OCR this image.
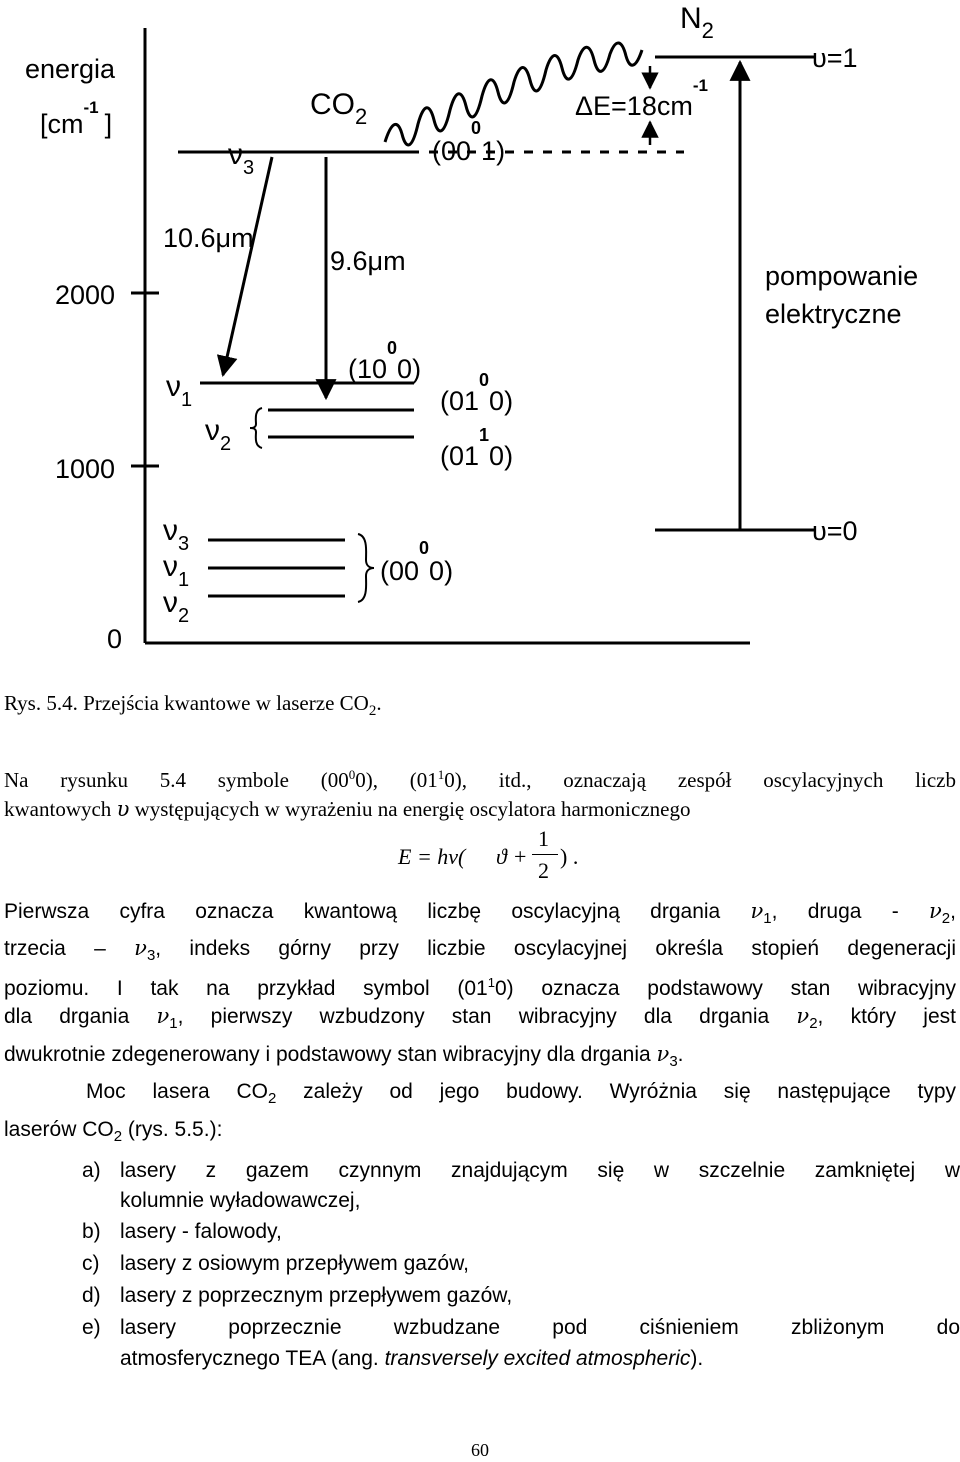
energia
$[cm^{-1}]$
2000
1000
0
$CO_2$
$N_2$
$\nu_3$
$(00^01)$
10.6μm
9.6μm
υ=1
υ=0
pompowanie
elektryczne
$\Delta E=18cm^{-1}$
$\nu_1$
$\nu_2$
$(10^00)$
$(01^00)$
$(01^10)$
$\nu_3$
$\nu_1$
$\nu_2$
$(00^00)$
Rys. 5.4. Przejścia kwantowe w laserze $CO_2$.
Na rysunku 5.4 symbole $(00^00)$, $(01^10)$, itd., oznaczają zespół oscylacyjnych liczb
kwantowych υ występujących w wyrażeniu na energię oscylatora harmonicznego
E = hν( ϑ +
1
2
) .
Pierwsza cyfra oznacza kwantową liczbę oscylacyjną drgania $\nu_1$, druga - $\nu_2$,
trzecia – $\nu_3$, indeks górny przy liczbie oscylacyjnej określa stopień degeneracji
poziomu. I tak na przykład symbol $(01^10)$ oznacza podstawowy stan wibracyjny
dla drgania $\nu_1$, pierwszy wzbudzony stan wibracyjny dla drgania $\nu_2$, który jest
dwukrotnie zdegenerowany i podstawowy stan wibracyjny dla drgania $\nu_3$.
Moc lasera $CO_2$ zależy od jego budowy. Wyróżnia się następujące typy
laserów $CO_2$ (rys. 5.5.):
a) lasery z gazem czynnym znajdującym się w szczelnie zamkniętej w
kolumnie wyładowawczej,
b) lasery - falowody,
c) lasery z osiowym przepływem gazów,
d) lasery z poprzecznym przepływem gazów,
e) lasery poprzecznie wzbudzane pod ciśnieniem zbliżonym do
atmosferycznego TEA (ang. transversely excited atmospheric).
60
